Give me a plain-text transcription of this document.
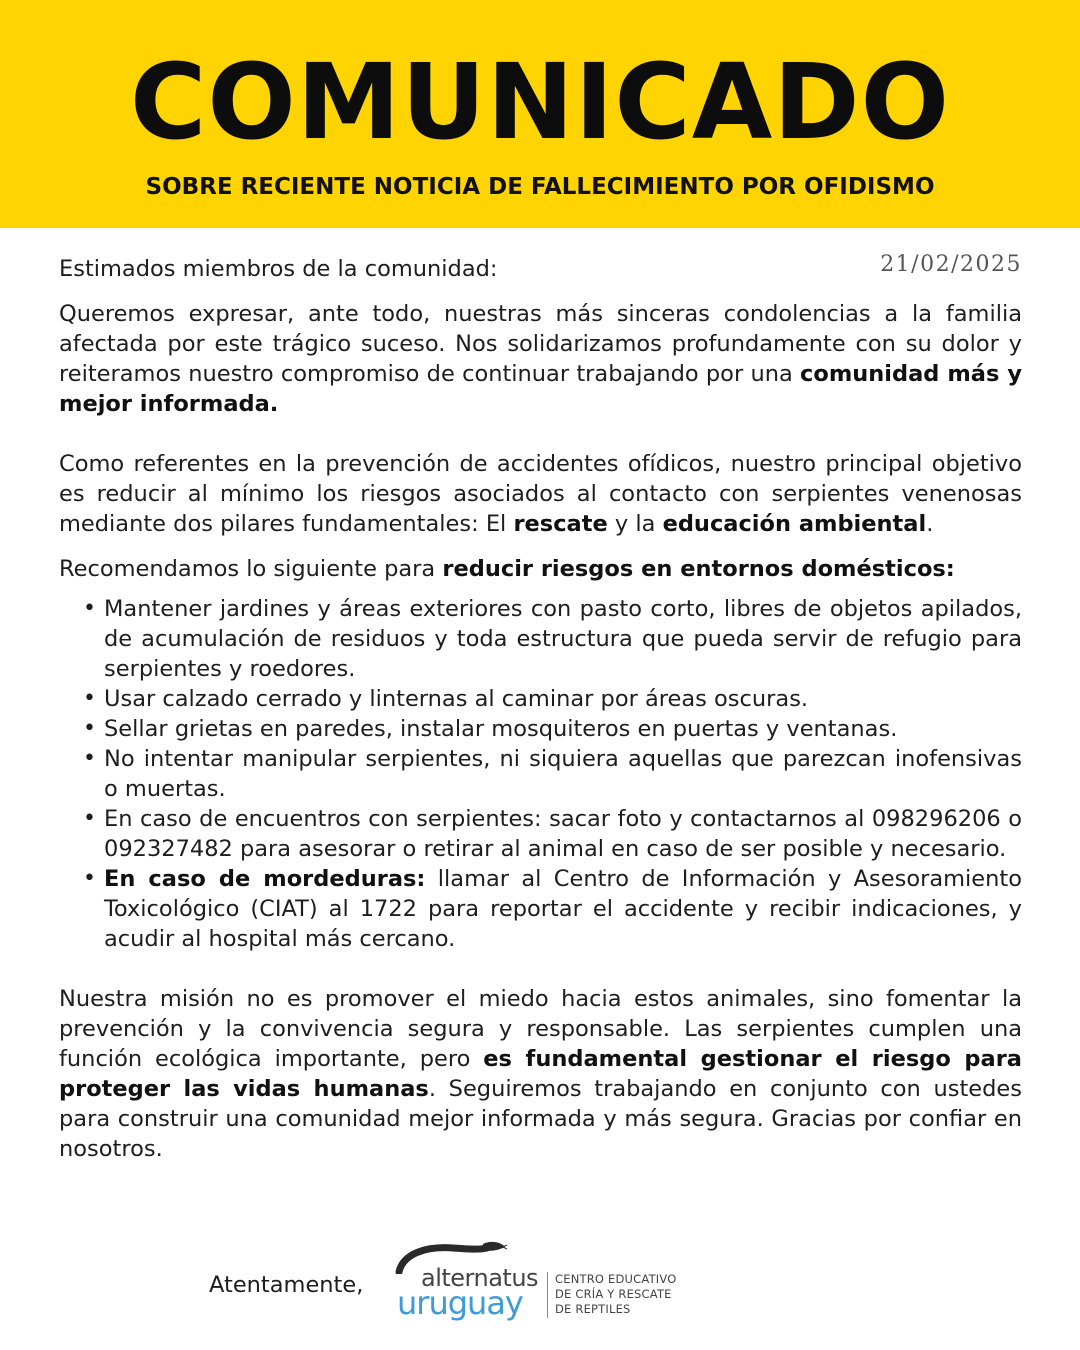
COMUNICADO
SOBRE RECIENTE NOTICIA DE FALLECIMIENTO POR OFIDISMO
Estimados miembros de la comunidad:	21/02/2025

Queremos expresar, ante todo, nuestras más sinceras condolencias a la familia afectada por este trágico suceso. Nos solidarizamos profundamente con su dolor y reiteramos nuestro compromiso de continuar trabajando por una comunidad más y mejor informada.

Como referentes en la prevención de accidentes ofídicos, nuestro principal objetivo es reducir al mínimo los riesgos asociados al contacto con serpientes venenosas mediante dos pilares fundamentales: El rescate y la educación ambiental.

Recomendamos lo siguiente para reducir riesgos en entornos domésticos:

• Mantener jardines y áreas exteriores con pasto corto, libres de objetos apilados, de acumulación de residuos y toda estructura que pueda servir de refugio para serpientes y roedores.
• Usar calzado cerrado y linternas al caminar por áreas oscuras.
• Sellar grietas en paredes, instalar mosquiteros en puertas y ventanas.
• No intentar manipular serpientes, ni siquiera aquellas que parezcan inofensivas o muertas.
• En caso de encuentros con serpientes: sacar foto y contactarnos al 098296206 o 092327482 para asesorar o retirar al animal en caso de ser posible y necesario.
• En caso de mordeduras: llamar al Centro de Información y Asesoramiento Toxicológico (CIAT) al 1722 para reportar el accidente y recibir indicaciones, y acudir al hospital más cercano.

Nuestra misión no es promover el miedo hacia estos animales, sino fomentar la prevención y la convivencia segura y responsable. Las serpientes cumplen una función ecológica importante, pero es fundamental gestionar el riesgo para proteger las vidas humanas. Seguiremos trabajando en conjunto con ustedes para construir una comunidad mejor informada y más segura. Gracias por confiar en nosotros.

Atentamente, alternatus
uruguay
CENTRO EDUCATIVO
DE CRÍA Y RESCATE
DE REPTILES
